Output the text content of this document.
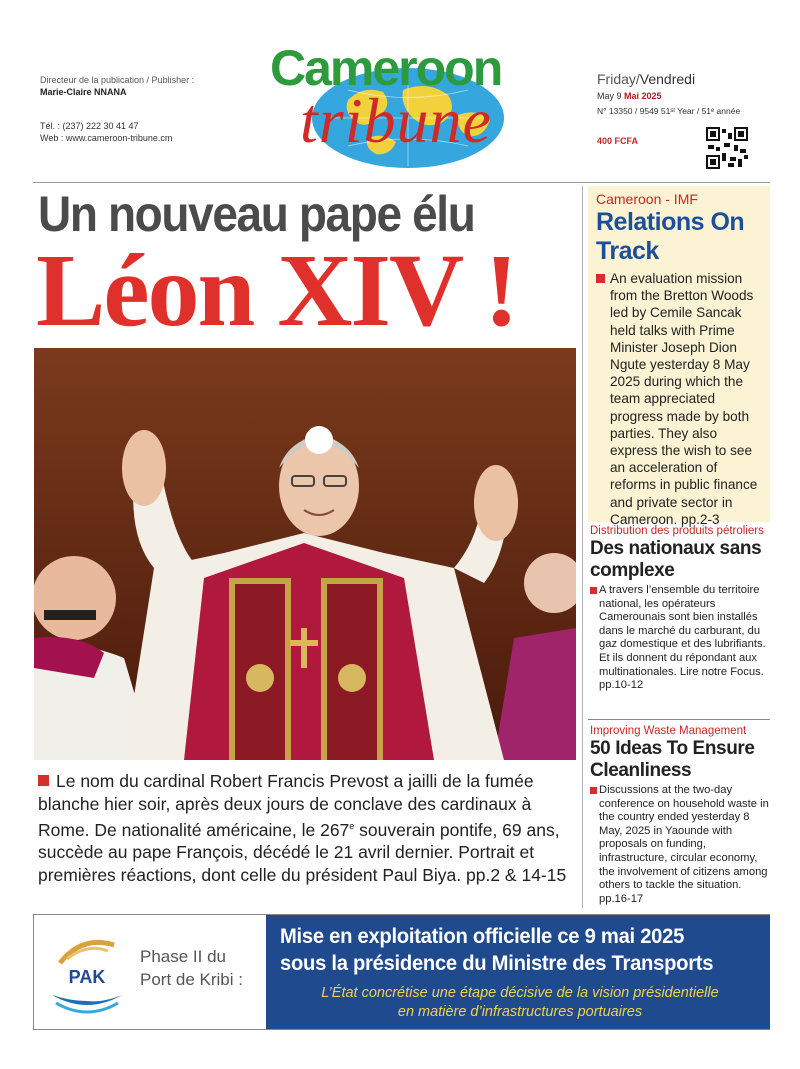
Directeur de la publication / Publisher :
Marie-Claire NNANA
Tél. : (237) 222 30 41 47
Web : www.cameroon-tribune.cm
Cameroon
tribune
Friday/Vendredi
May 9 Mai 2025
N° 13350 / 9549 51ˢᵗ Year / 51ᵉ année
400 FCFA
Un nouveau pape élu
Léon XIV !
Le nom du cardinal Robert Francis Prevost a jailli de la fumée blanche hier soir, après deux jours de conclave des cardinaux à Rome. De nationalité américaine, le 267e souverain pontife, 69 ans, succède au pape François, décédé le 21 avril dernier. Portrait et premières réactions, dont celle du président Paul Biya. pp.2 & 14-15
Cameroon - IMF
Relations On Track
An evaluation mission from the Bretton Woods led by Cemile Sancak held talks with Prime Minister Joseph Dion Ngute yesterday 8 May 2025 during which the team appreciated progress made by both parties. They also express the wish to see an acceleration of reforms in public finance and private sector in Cameroon. pp.2-3
Distribution des produits pétroliers
Des nationaux sans complexe
A travers l’ensemble du territoire national, les opérateurs Camerounais sont bien installés dans le marché du carburant, du gaz domestique et des lubrifiants. Et ils donnent du répondant aux multinationales. Lire notre Focus. pp.10-12
Improving Waste Management
50 Ideas To Ensure Cleanliness
Discussions at the two-day conference on household waste in the country ended yesterday 8 May, 2025 in Yaounde with proposals on funding, infrastructure, circular economy, the involvement of citizens among others to tackle the situation. pp.16-17
PAK
Phase II du
Port de Kribi :
Mise en exploitation officielle ce 9 mai 2025
sous la présidence du Ministre des Transports
L’État concrétise une étape décisive de la vision présidentielle
en matière d’infrastructures portuaires
